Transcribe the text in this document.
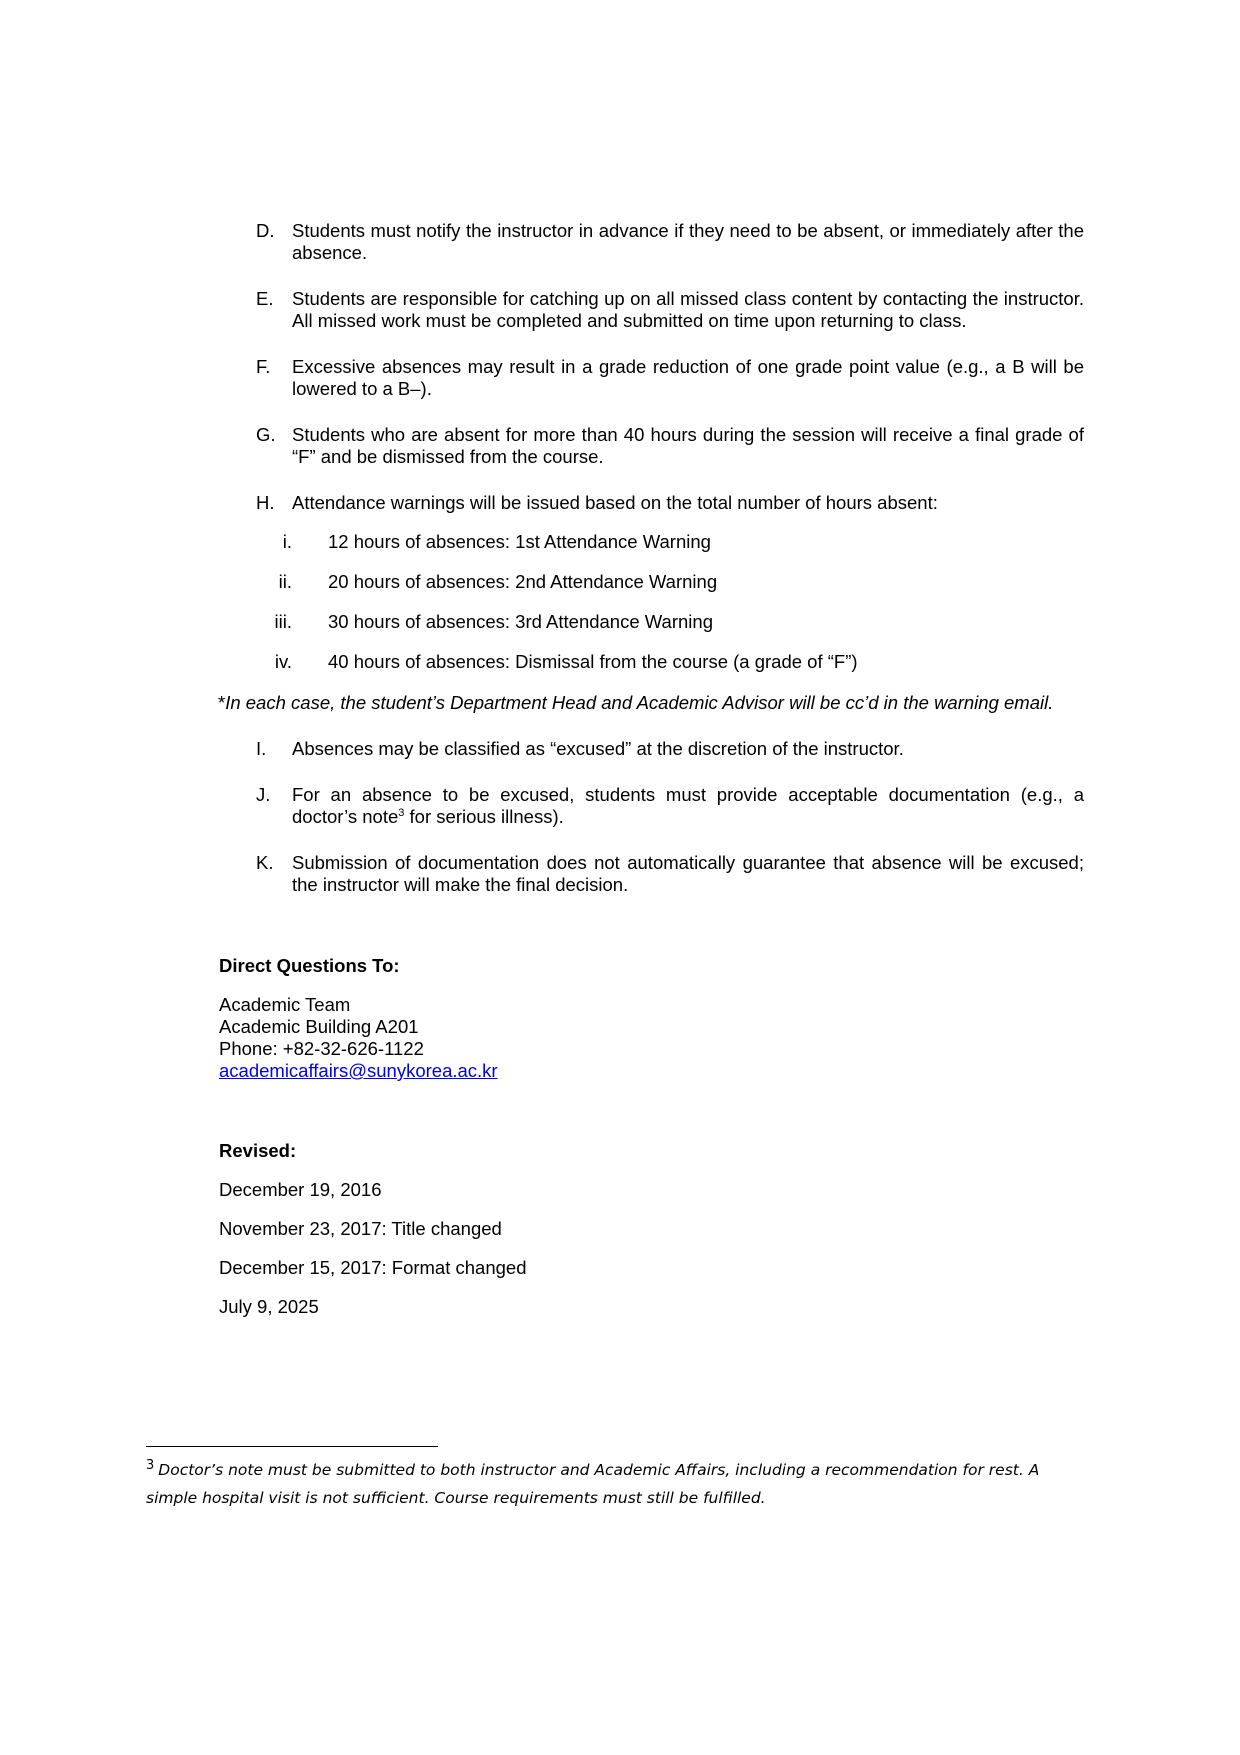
D. Students must notify the instructor in advance if they need to be absent, or immediately after the absence.
E.	Students are responsible for catching up on all missed class content by contacting the instructor. All missed work must be completed and submitted on time upon returning to class.
F.	Excessive absences may result in a grade reduction of one grade point value (e.g., a B will be lowered to a B–).
G. Students who are absent for more than 40 hours during the session will receive a final grade of “F” and be dismissed from the course.
H. Attendance warnings will be issued based on the total number of hours absent:
i. 12 hours of absences: 1st Attendance Warning
ii. 20 hours of absences: 2nd Attendance Warning
iii. 30 hours of absences: 3rd Attendance Warning
iv. 40 hours of absences: Dismissal from the course (a grade of “F”)
*In each case, the student’s Department Head and Academic Advisor will be cc’d in the warning email.
I.	Absences may be classified as “excused” at the discretion of the instructor.
J.	For an absence to be excused, students must provide acceptable documentation (e.g., a doctor’s note$^3$ for serious illness).
K.	Submission of documentation does not automatically guarantee that absence will be excused; the instructor will make the final decision.
Direct Questions To:
Academic Team
Academic Building A201
Phone: +82-32-626-1122
academicaffairs@sunykorea.ac.kr
Revised:
December 19, 2016
November 23, 2017: Title changed
December 15, 2017: Format changed
July 9, 2025
$^3$ Doctor’s note must be submitted to both instructor and Academic Affairs, including a recommendation for rest. A simple hospital visit is not sufficient. Course requirements must still be fulfilled.
